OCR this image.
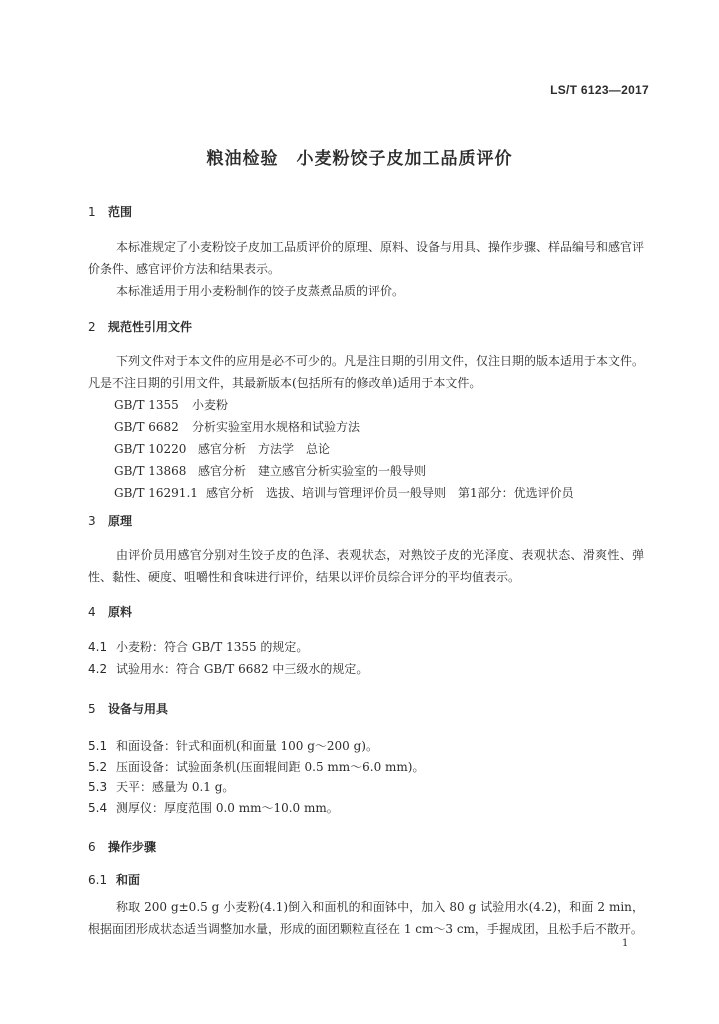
LS/T 6123—2017
粮油检验 小麦粉饺子皮加工品质评价
1 范围
本标准规定了小麦粉饺子皮加工品质评价的原理、原料、设备与用具、操作步骤、样品编号和感官评价条件、感官评价方法和结果表示。
本标准适用于用小麦粉制作的饺子皮蒸煮品质的评价。
2 规范性引用文件
下列文件对于本文件的应用是必不可少的。凡是注日期的引用文件，仅注日期的版本适用于本文件。凡是不注日期的引用文件，其最新版本(包括所有的修改单)适用于本文件。
GB/T 1355 小麦粉
GB/T 6682 分析实验室用水规格和试验方法
GB/T 10220 感官分析　方法学　总论
GB/T 13868 感官分析　建立感官分析实验室的一般导则
GB/T 16291.1 感官分析　选拔、培训与管理评价员一般导则　第1部分：优选评价员
3 原理
由评价员用感官分别对生饺子皮的色泽、表观状态，对熟饺子皮的光泽度、表观状态、滑爽性、弹性、黏性、硬度、咀嚼性和食味进行评价，结果以评价员综合评分的平均值表示。
4 原料
4.1 小麦粉：符合 GB/T 1355 的规定。
4.2 试验用水：符合 GB/T 6682 中三级水的规定。
5 设备与用具
5.1 和面设备：针式和面机(和面量 100 g～200 g)。
5.2 压面设备：试验面条机(压面辊间距 0.5 mm～6.0 mm)。
5.3 天平：感量为 0.1 g。
5.4 测厚仪：厚度范围 0.0 mm～10.0 mm。
6 操作步骤
6.1 和面
称取 200 g±0.5 g 小麦粉(4.1)倒入和面机的和面钵中，加入 80 g 试验用水(4.2)，和面 2 min，根据面团形成状态适当调整加水量，形成的面团颗粒直径在 1 cm～3 cm，手握成团，且松手后不散开。
1
